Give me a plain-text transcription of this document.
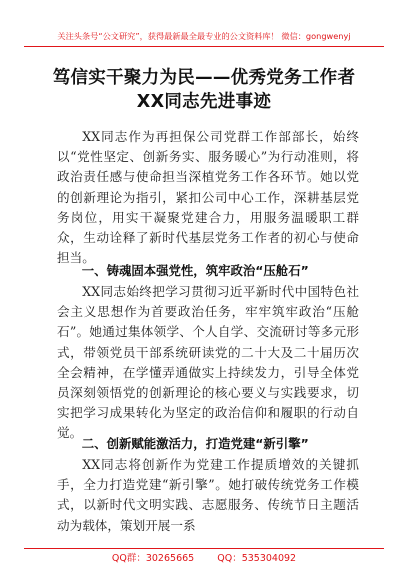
关注头条号“公文研究”，获得最新最全最专业的公文资料库！ 微信：gongwenyj
笃信实干聚力为民——优秀党务工作者
XX同志先进事迹

XX同志作为再担保公司党群工作部部长，始终以“党性坚定、创新务实、服务暖心”为行动准则，将政治责任感与使命担当深植党务工作各环节。她以党的创新理论为指引，紧扣公司中心工作，深耕基层党务岗位，用实干凝聚党建合力，用服务温暖职工群众，生动诠释了新时代基层党务工作者的初心与使命担当。

一、铸魂固本强党性，筑牢政治“压舱石”

XX同志始终把学习贯彻习近平新时代中国特色社会主义思想作为首要政治任务，牢牢筑牢政治“压舱石”。她通过集体领学、个人自学、交流研讨等多元形式，带领党员干部系统研读党的二十大及二十届历次全会精神，在学懂弄通做实上持续发力，引导全体党员深刻领悟党的创新理论的核心要义与实践要求，切实把学习成果转化为坚定的政治信仰和履职的行动自觉。

二、创新赋能激活力，打造党建“新引擎”

XX同志将创新作为党建工作提质增效的关键抓手，全力打造党建“新引擎”。她打破传统党务工作模式，以新时代文明实践、志愿服务、传统节日主题活动为载体，策划开展一系

QQ群：30265665 QQ：535304092
